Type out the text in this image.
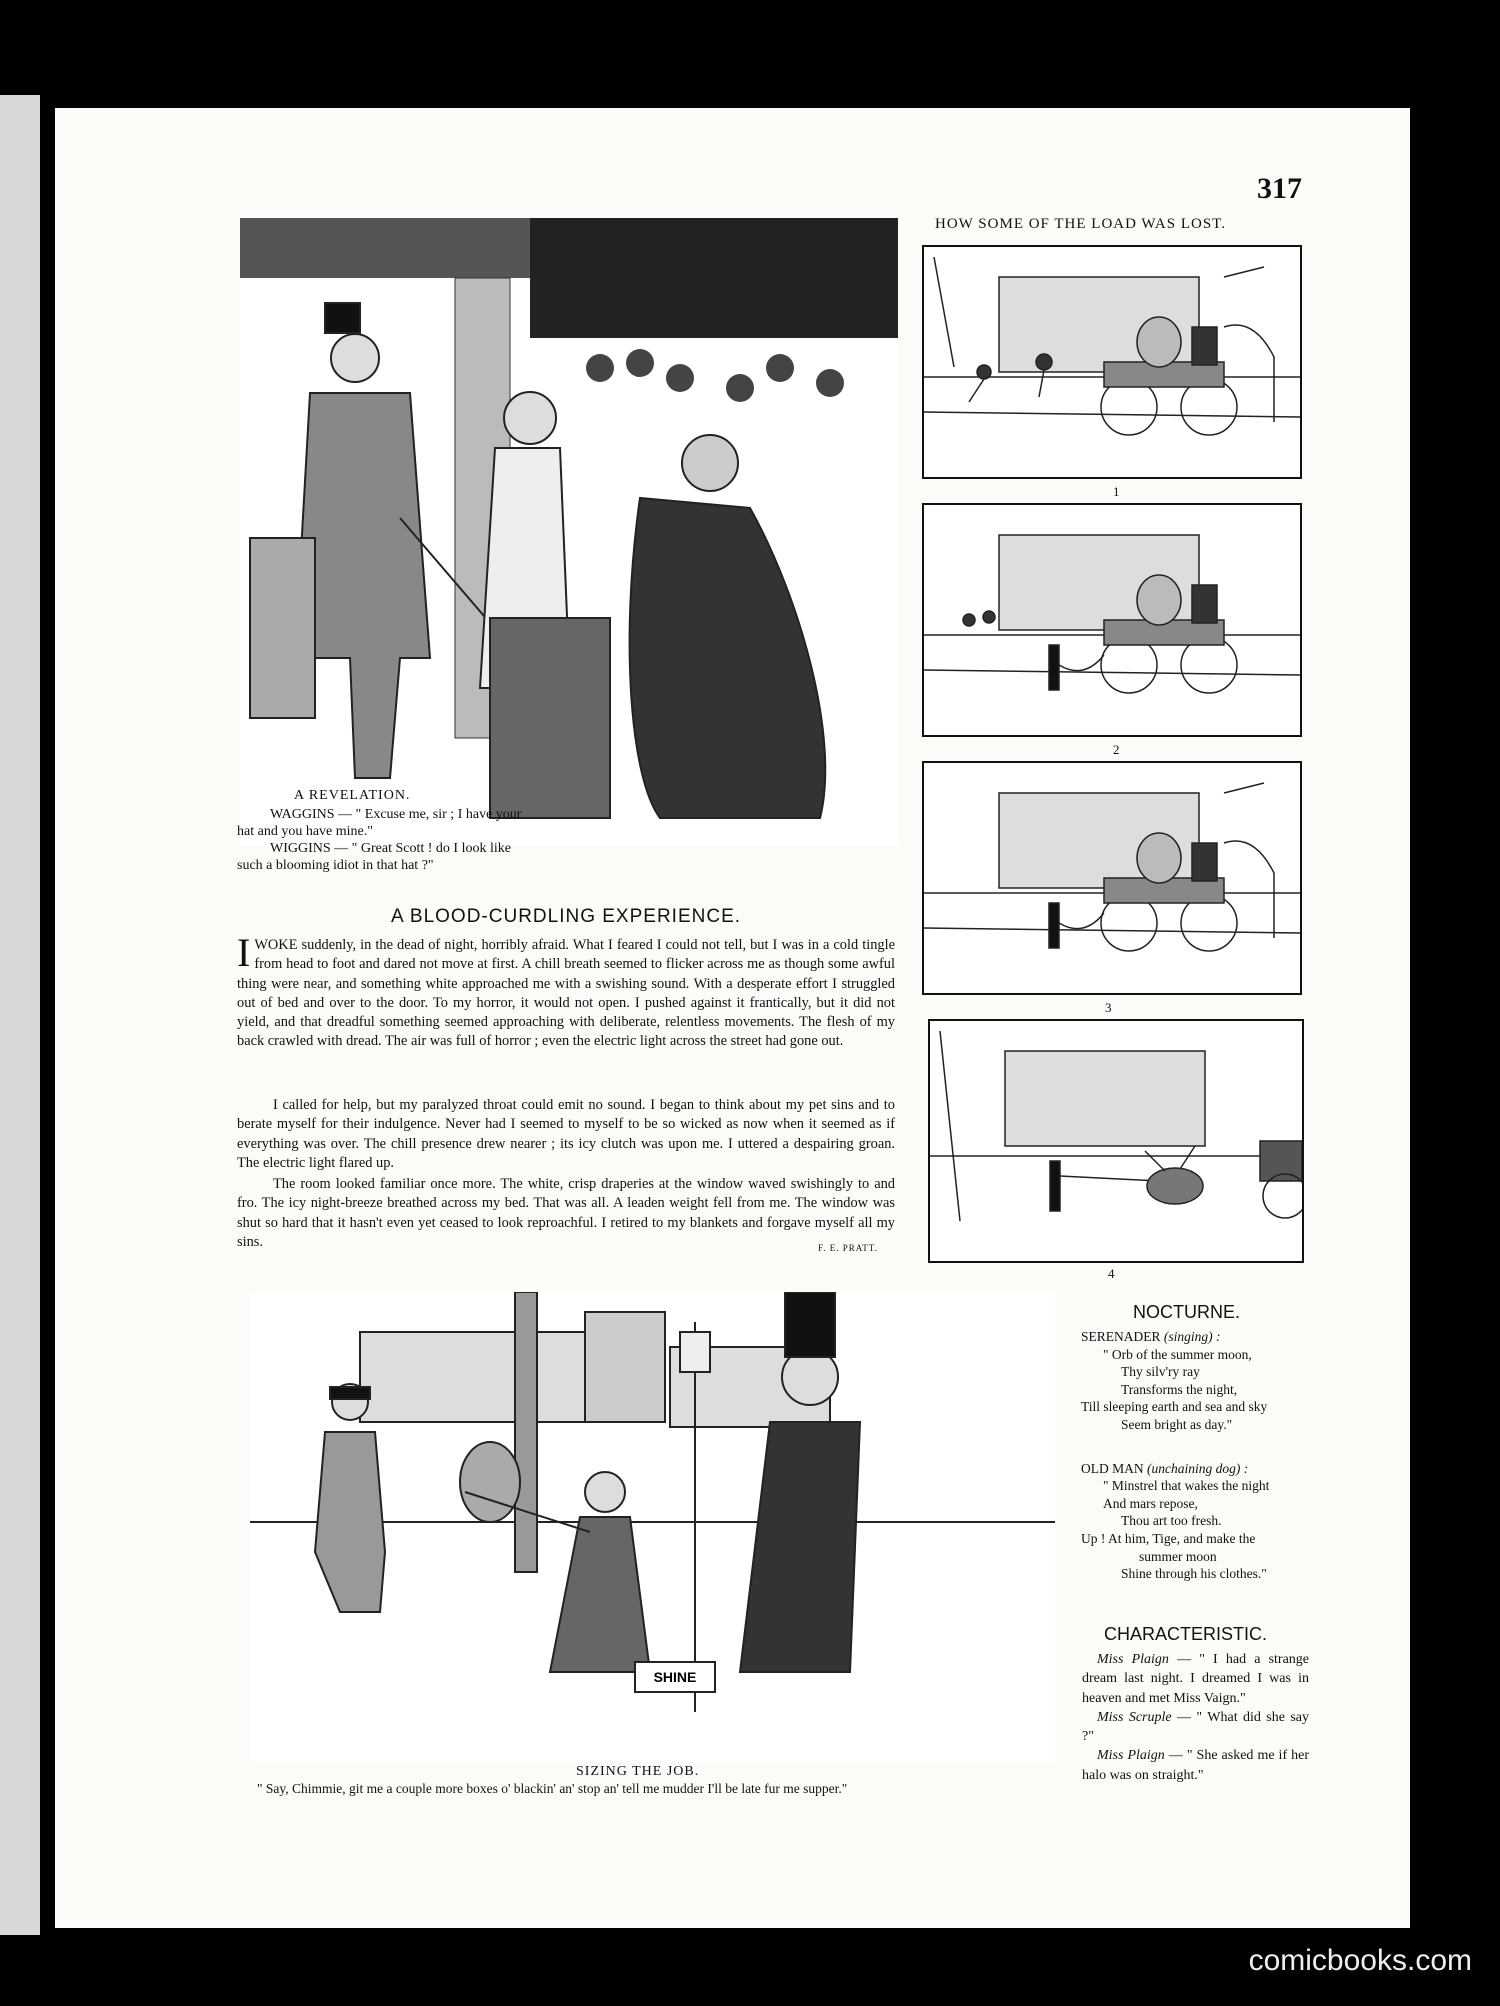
317
HOW SOME OF THE LOAD WAS LOST.
1
2
3
4
A REVELATION.
WAGGINS — " Excuse me, sir ; I have your
hat and you have mine."
WIGGINS — " Great Scott ! do I look like
such a blooming idiot in that hat ?"
A BLOOD-CURDLING EXPERIENCE.

IWOKE suddenly, in the dead of night, horribly afraid. What I feared I could not tell, but I was in a cold tingle from head to foot and dared not move at first. A chill breath seemed to flicker across me as though some awful thing were near, and something white approached me with a swishing sound. With a desperate effort I struggled out of bed and over to the door. To my horror, it would not open. I pushed against it frantically, but it did not yield, and that dreadful something seemed approaching with deliberate, relentless movements. The flesh of my back crawled with dread. The air was full of horror ; even the electric light across the street had gone out.

I called for help, but my paralyzed throat could emit no sound. I began to think about my pet sins and to berate myself for their indulgence. Never had I seemed to myself to be so wicked as now when it seemed as if everything was over. The chill presence drew nearer ; its icy clutch was upon me. I uttered a despairing groan. The electric light flared up.

The room looked familiar once more. The white, crisp draperies at the window waved swishingly to and fro. The icy night-breeze breathed across my bed. That was all. A leaden weight fell from me. The window was shut so hard that it hasn't even yet ceased to look reproachful. I retired to my blankets and forgave myself all my sins.	F. E. PRATT.
SHINE
SIZING THE JOB.
" Say, Chimmie, git me a couple more boxes o' blackin' an' stop an' tell me mudder I'll be late fur me supper."
NOCTURNE.
SERENADER (singing) :
" Orb of the summer moon,
Thy silv'ry ray
Transforms the night,
Till sleeping earth and sea and sky
Seem bright as day."
OLD MAN (unchaining dog) :
" Minstrel that wakes the night
And mars repose,
Thou art too fresh.
Up ! At him, Tige, and make the
summer moon
Shine through his clothes."
CHARACTERISTIC.

Miss Plaign — " I had a strange dream last night. I dreamed I was in heaven and met Miss Vaign."

Miss Scruple — " What did she say ?"

Miss Plaign — " She asked me if her halo was on straight."

comicbooks.com
